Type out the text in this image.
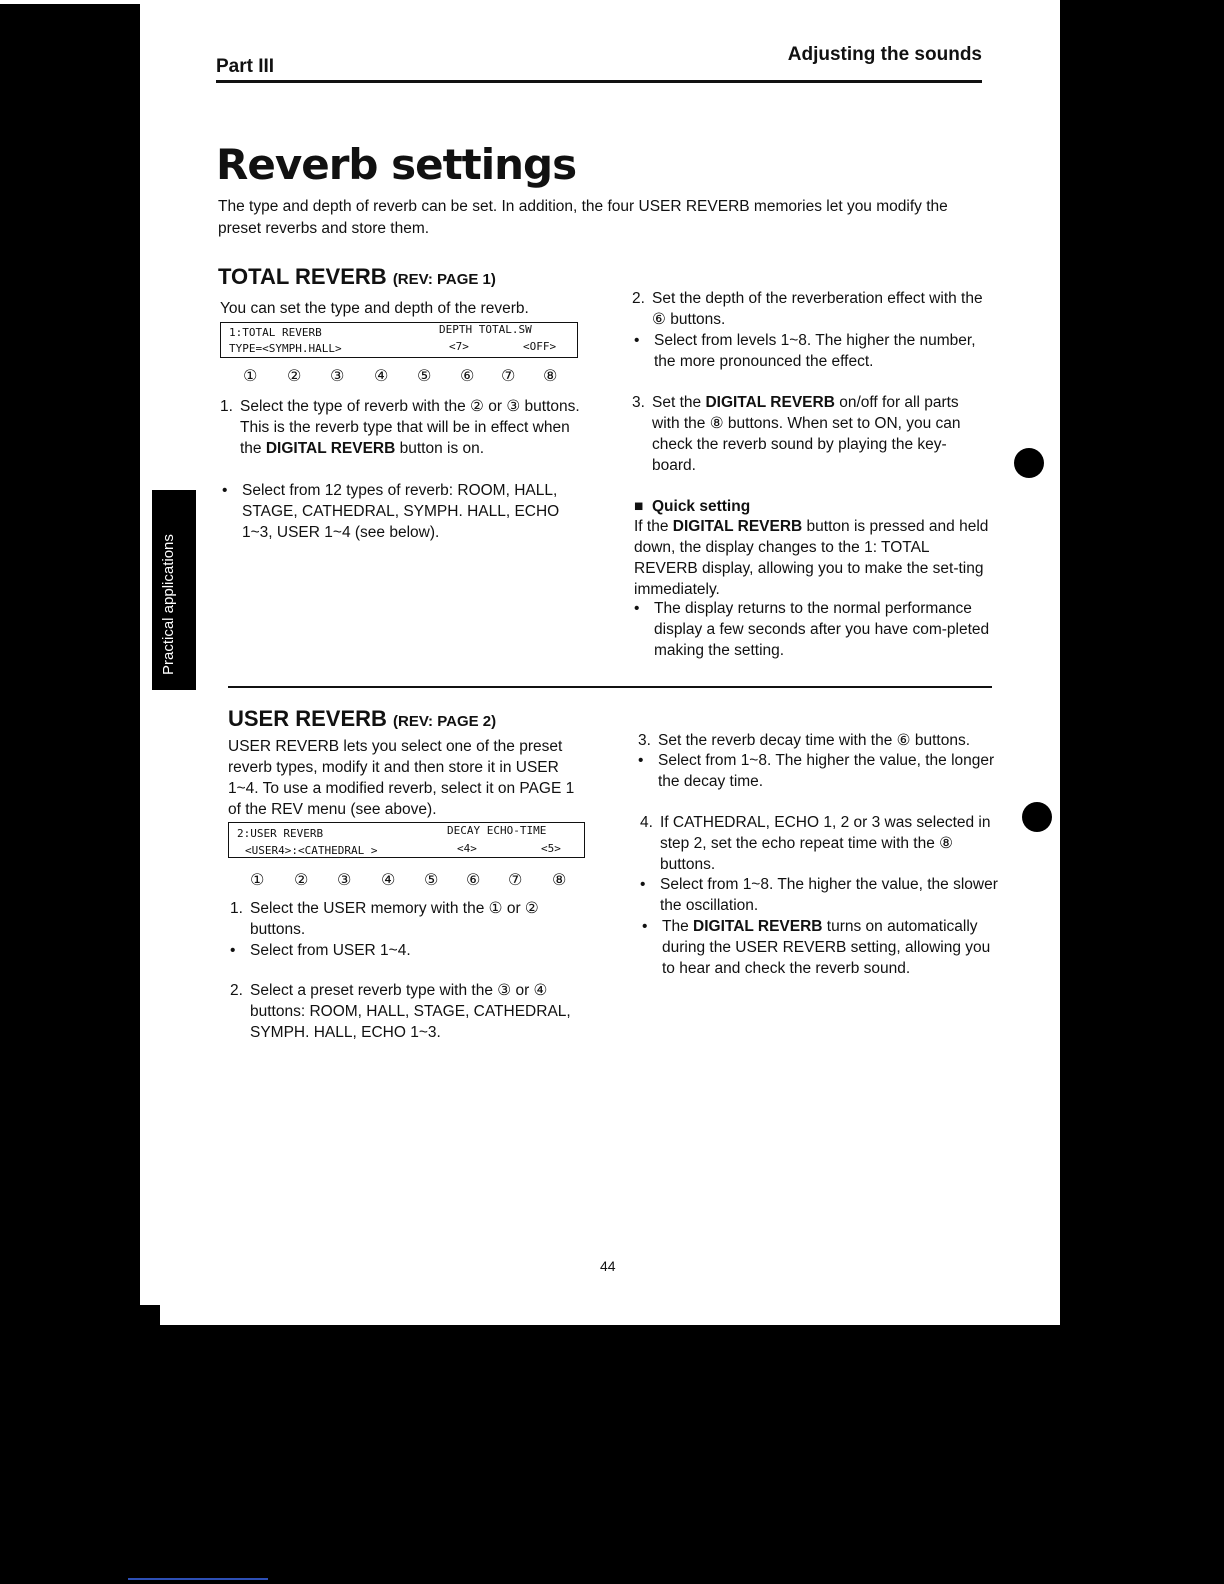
Part III
Adjusting the sounds
Reverb settings
The type and depth of reverb can be set. In addition, the four USER REVERB memories let you modify the preset reverbs and store them.
Practical applications
TOTAL REVERB (REV: PAGE 1)
You can set the type and depth of the reverb.
1:TOTAL REVERB	DEPTH TOTAL.SW
TYPE=<SYMPH.HALL>	<7>	<OFF>
① ② ③ ④ ⑤ ⑥ ⑦ ⑧
1. Select the type of reverb with the ② or ③ buttons. This is the reverb type that will be in effect when the DIGITAL REVERB button is on.
• Select from 12 types of reverb: ROOM, HALL, STAGE, CATHEDRAL, SYMPH. HALL, ECHO 1~3, USER 1~4 (see below).
2. Set the depth of the reverberation effect with the ⑥ buttons.
• Select from levels 1~8. The higher the number, the more pronounced the effect.
3. Set the DIGITAL REVERB on/off for all parts with the ⑧ buttons. When set to ON, you can check the reverb sound by playing the key-board.
■  Quick setting
If the DIGITAL REVERB button is pressed and held down, the display changes to the 1: TOTAL REVERB display, allowing you to make the set-ting immediately.
• The display returns to the normal performance display a few seconds after you have com-pleted making the setting.
USER REVERB (REV: PAGE 2)
USER REVERB lets you select one of the preset reverb types, modify it and then store it in USER 1~4. To use a modified reverb, select it on PAGE 1 of the REV menu (see above).
2:USER REVERB	DECAY ECHO-TIME
<USER4>:<CATHEDRAL >	<4>	<5>
① ② ③ ④ ⑤ ⑥ ⑦ ⑧
1. Select the USER memory with the ① or ② buttons.
• Select from USER 1~4.
2. Select a preset reverb type with the ③ or ④ buttons: ROOM, HALL, STAGE, CATHEDRAL, SYMPH. HALL, ECHO 1~3.
3. Set the reverb decay time with the ⑥ buttons.
• Select from 1~8. The higher the value, the longer the decay time.
4. If CATHEDRAL, ECHO 1, 2 or 3 was selected in step 2, set the echo repeat time with the ⑧ buttons.
• Select from 1~8. The higher the value, the slower the oscillation.
• The DIGITAL REVERB turns on automatically during the USER REVERB setting, allowing you to hear and check the reverb sound.
44
